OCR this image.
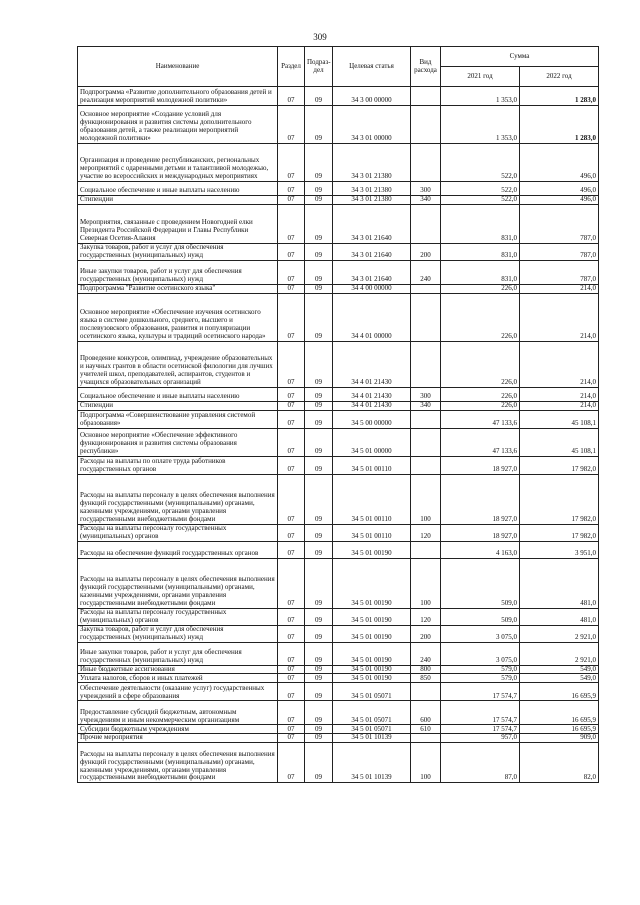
309
Наименование	Раздел	Подраз-дел	Целевая статья	Вид расхода	Сумма	
					2021 год	2022 год
Подпрограмма «Развитие дополнительного образования детей и реализация мероприятий молодежной политики»	07	09	34 3 00 00000		1 353,0	1 283,0
Основное мероприятие «Создание условий для функционирования и развития системы дополнительного образования детей, а также реализации мероприятий молодежной политики»	07	09	34 3 01 00000		1 353,0	1 283,0
Организация и проведение республиканских, региональных мероприятий с одаренными детьми и талантливой молодежью, участие во всероссийских и международных мероприятиях	07	09	34 3 01 21380		522,0	496,0
Социальное обеспечение и иные выплаты населению	07	09	34 3 01 21380	300	522,0	496,0
Стипендии	07	09	34 3 01 21380	340	522,0	496,0
Мероприятия, связанные с проведением Новогодней елки Президента Российской Федерации и Главы Республики Северная Осетия-Алания	07	09	34 3 01 21640		831,0	787,0
Закупка товаров, работ и услуг для обеспечения государственных (муниципальных) нужд	07	09	34 3 01 21640	200	831,0	787,0
Иные закупки товаров, работ и услуг для обеспечения государственных (муниципальных) нужд	07	09	34 3 01 21640	240	831,0	787,0
Подпрограмма "Развитие осетинского языка"	07	09	34 4 00 00000		226,0	214,0
Основное мероприятие «Обеспечение изучения осетинского языка в системе дошкольного, среднего, высшего и послевузовского образования, развития и популяризации осетинского языка, культуры и традиций осетинского народа»	07	09	34 4 01 00000		226,0	214,0
Проведение конкурсов, олимпиад, учреждение образовательных и научных грантов в области осетинской филологии для лучших учителей школ, преподавателей, аспирантов, студентов и учащихся образовательных организаций	07	09	34 4 01 21430		226,0	214,0
Социальное обеспечение и иные выплаты населению	07	09	34 4 01 21430	300	226,0	214,0
Стипендии	07	09	34 4 01 21430	340	226,0	214,0
Подпрограмма «Совершенствование управления системой образования»	07	09	34 5 00 00000		47 133,6	45 108,1
Основное мероприятие «Обеспечение эффективного функционирования и развития системы образования республики»	07	09	34 5 01 00000		47 133,6	45 108,1
Расходы на выплаты по оплате труда работников государственных органов	07	09	34 5 01 00110		18 927,0	17 982,0
Расходы на выплаты персоналу в целях обеспечения выполнения функций государственными (муниципальными) органами, казенными учреждениями, органами управления государственными внебюджетными фондами	07	09	34 5 01 00110	100	18 927,0	17 982,0
Расходы на выплаты персоналу государственных (муниципальных) органов	07	09	34 5 01 00110	120	18 927,0	17 982,0
Расходы на обеспечение функций государственных органов	07	09	34 5 01 00190		4 163,0	3 951,0
Расходы на выплаты персоналу в целях обеспечения выполнения функций государственными (муниципальными) органами, казенными учреждениями, органами управления государственными внебюджетными фондами	07	09	34 5 01 00190	100	509,0	481,0
Расходы на выплаты персоналу государственных (муниципальных) органов	07	09	34 5 01 00190	120	509,0	481,0
Закупка товаров, работ и услуг для обеспечения государственных (муниципальных) нужд	07	09	34 5 01 00190	200	3 075,0	2 921,0
Иные закупки товаров, работ и услуг для обеспечения государственных (муниципальных) нужд	07	09	34 5 01 00190	240	3 075,0	2 921,0
Иные бюджетные ассигнования	07	09	34 5 01 00190	800	579,0	549,0
Уплата налогов, сборов и иных платежей	07	09	34 5 01 00190	850	579,0	549,0
Обеспечение деятельности (оказание услуг) государственных учреждений в сфере образования	07	09	34 5 01 05071		17 574,7	16 695,9
Предоставление субсидий бюджетным, автономным учреждениям и иным некоммерческим организациям	07	09	34 5 01 05071	600	17 574,7	16 695,9
Субсидии бюджетным учреждениям	07	09	34 5 01 05071	610	17 574,7	16 695,9
Прочие мероприятия	07	09	34 5 01 10139		957,0	909,0
Расходы на выплаты персоналу в целях обеспечения выполнения функций государственными (муниципальными) органами, казенными учреждениями, органами управления государственными внебюджетными фондами	07	09	34 5 01 10139	100	87,0	82,0
